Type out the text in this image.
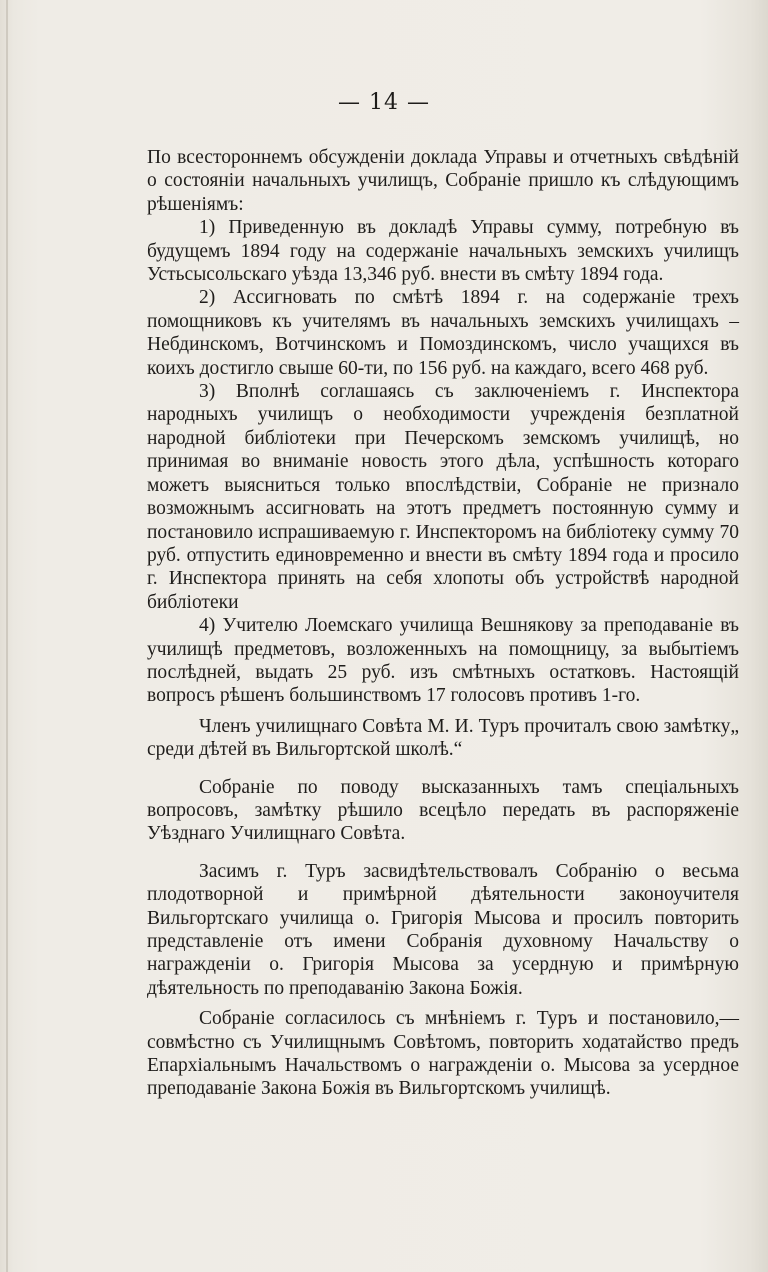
— 14 —

По всестороннемъ обсужденіи доклада Управы и отчетныхъ свѣдѣній о состояніи начальныхъ училищъ, Собраніе пришло къ слѣдующимъ рѣшеніямъ:

1) Приведенную въ докладѣ Управы сумму, потребную въ будущемъ 1894 году на содержаніе начальныхъ земскихъ училищъ Устьсысольскаго уѣзда 13,346 руб. внести въ смѣту 1894 года.

2) Ассигновать по смѣтѣ 1894 г. на содержаніе трехъ помощниковъ къ учителямъ въ начальныхъ земскихъ училищахъ – Небдинскомъ, Вотчинскомъ и Помоздинскомъ, число учащихся въ коихъ достигло свыше 60-ти, по 156 руб. на каждаго, всего 468 руб.

3) Вполнѣ соглашаясь съ заключеніемъ г. Инспектора народныхъ училищъ о необходимости учрежденія безплатной народной библіотеки при Печерскомъ земскомъ училищѣ, но принимая во вниманіе новость этого дѣла, успѣшность котораго можетъ выясниться только впослѣдствіи, Собраніе не признало возможнымъ ассигновать на этотъ предметъ постоянную сумму и постановило испрашиваемую г. Инспекторомъ на библіотеку сумму 70 руб. отпустить единовременно и внести въ смѣту 1894 года и просило г. Инспектора принять на себя хлопоты объ устройствѣ народной библіотеки

4) Учителю Лоемскаго училища Вешнякову за преподаваніе въ училищѣ предметовъ, возложенныхъ на помощницу, за выбытіемъ послѣдней, выдать 25 руб. изъ смѣтныхъ остатковъ. Настоящій вопросъ рѣшенъ большинствомъ 17 голосовъ противъ 1-го.

Членъ училищнаго Совѣта М. И. Туръ прочиталъ свою замѣтку„ среди дѣтей въ Вильгортской школѣ.“

Собраніе по поводу высказанныхъ тамъ спеціальныхъ вопросовъ, замѣтку рѣшило всецѣло передать въ распоряженіе Уѣзднаго Училищнаго Совѣта.

Засимъ г. Туръ засвидѣтельствовалъ Собранію о весьма плодотворной и примѣрной дѣятельности законоучителя Вильгортскаго училища о. Григорія Мысова и просилъ повторить представленіе отъ имени Собранія духовному Начальству о награжденіи о. Григорія Мысова за усердную и примѣрную дѣятельность по преподаванію Закона Божія.

Собраніе согласилось съ мнѣніемъ г. Туръ и постановило,—совмѣстно съ Училищнымъ Совѣтомъ, повторить ходатайство предъ Епархіальнымъ Начальствомъ о награжденіи о. Мысова за усердное преподаваніе Закона Божія въ Вильгортскомъ училищѣ.
